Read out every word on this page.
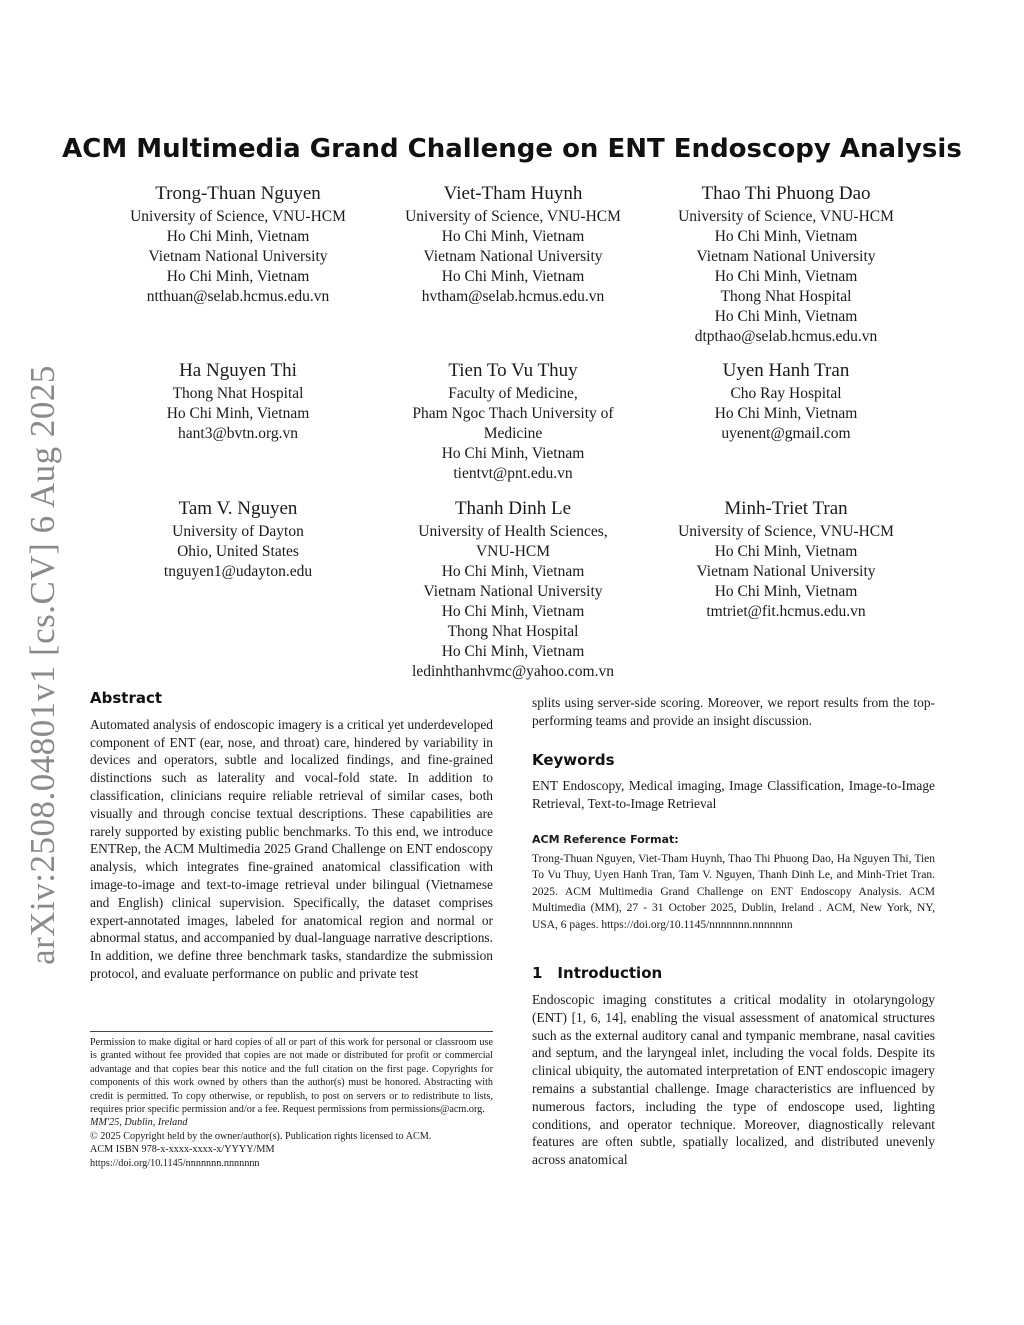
arXiv:2508.04801v1 [cs.CV] 6 Aug 2025
ACM Multimedia Grand Challenge on ENT Endoscopy Analysis
Trong-Thuan Nguyen
University of Science, VNU-HCM
Ho Chi Minh, Vietnam
Vietnam National University
Ho Chi Minh, Vietnam
ntthuan@selab.hcmus.edu.vn
Viet-Tham Huynh
University of Science, VNU-HCM
Ho Chi Minh, Vietnam
Vietnam National University
Ho Chi Minh, Vietnam
hvtham@selab.hcmus.edu.vn
Thao Thi Phuong Dao
University of Science, VNU-HCM
Ho Chi Minh, Vietnam
Vietnam National University
Ho Chi Minh, Vietnam
Thong Nhat Hospital
Ho Chi Minh, Vietnam
dtpthao@selab.hcmus.edu.vn
Ha Nguyen Thi
Thong Nhat Hospital
Ho Chi Minh, Vietnam
hant3@bvtn.org.vn
Tien To Vu Thuy
Faculty of Medicine,
Pham Ngoc Thach University of
Medicine
Ho Chi Minh, Vietnam
tientvt@pnt.edu.vn
Uyen Hanh Tran
Cho Ray Hospital
Ho Chi Minh, Vietnam
uyenent@gmail.com
Tam V. Nguyen
University of Dayton
Ohio, United States
tnguyen1@udayton.edu
Thanh Dinh Le
University of Health Sciences,
VNU-HCM
Ho Chi Minh, Vietnam
Vietnam National University
Ho Chi Minh, Vietnam
Thong Nhat Hospital
Ho Chi Minh, Vietnam
ledinhthanhvmc@yahoo.com.vn
Minh-Triet Tran
University of Science, VNU-HCM
Ho Chi Minh, Vietnam
Vietnam National University
Ho Chi Minh, Vietnam
tmtriet@fit.hcmus.edu.vn
Abstract

Automated analysis of endoscopic imagery is a critical yet underdeveloped component of ENT (ear, nose, and throat) care, hindered by variability in devices and operators, subtle and localized findings, and fine-grained distinctions such as laterality and vocal-fold state. In addition to classification, clinicians require reliable retrieval of similar cases, both visually and through concise textual descriptions. These capabilities are rarely supported by existing public benchmarks. To this end, we introduce ENTRep, the ACM Multimedia 2025 Grand Challenge on ENT endoscopy analysis, which integrates fine-grained anatomical classification with image-to-image and text-to-image retrieval under bilingual (Vietnamese and English) clinical supervision. Specifically, the dataset comprises expert-annotated images, labeled for anatomical region and normal or abnormal status, and accompanied by dual-language narrative descriptions. In addition, we define three benchmark tasks, standardize the submission protocol, and evaluate performance on public and private test

Permission to make digital or hard copies of all or part of this work for personal or classroom use is granted without fee provided that copies are not made or distributed for profit or commercial advantage and that copies bear this notice and the full citation on the first page. Copyrights for components of this work owned by others than the author(s) must be honored. Abstracting with credit is permitted. To copy otherwise, or republish, to post on servers or to redistribute to lists, requires prior specific permission and/or a fee. Request permissions from permissions@acm.org.

MM'25, Dublin, Ireland

© 2025 Copyright held by the owner/author(s). Publication rights licensed to ACM.

ACM ISBN 978-x-xxxx-xxxx-x/YYYY/MM

https://doi.org/10.1145/nnnnnnn.nnnnnnn

splits using server-side scoring. Moreover, we report results from the top-performing teams and provide an insight discussion.

Keywords

ENT Endoscopy, Medical imaging, Image Classification, Image-to-Image Retrieval, Text-to-Image Retrieval

ACM Reference Format:

Trong-Thuan Nguyen, Viet-Tham Huynh, Thao Thi Phuong Dao, Ha Nguyen Thi, Tien To Vu Thuy, Uyen Hanh Tran, Tam V. Nguyen, Thanh Dinh Le, and Minh-Triet Tran. 2025. ACM Multimedia Grand Challenge on ENT Endoscopy Analysis. ACM Multimedia (MM), 27 - 31 October 2025, Dublin, Ireland . ACM, New York, NY, USA, 6 pages. https://doi.org/10.1145/nnnnnnn.nnnnnnn

1 Introduction

Endoscopic imaging constitutes a critical modality in otolaryngology (ENT) [1, 6, 14], enabling the visual assessment of anatomical structures such as the external auditory canal and tympanic membrane, nasal cavities and septum, and the laryngeal inlet, including the vocal folds. Despite its clinical ubiquity, the automated interpretation of ENT endoscopic imagery remains a substantial challenge. Image characteristics are influenced by numerous factors, including the type of endoscope used, lighting conditions, and operator technique. Moreover, diagnostically relevant features are often subtle, spatially localized, and distributed unevenly across anatomical
